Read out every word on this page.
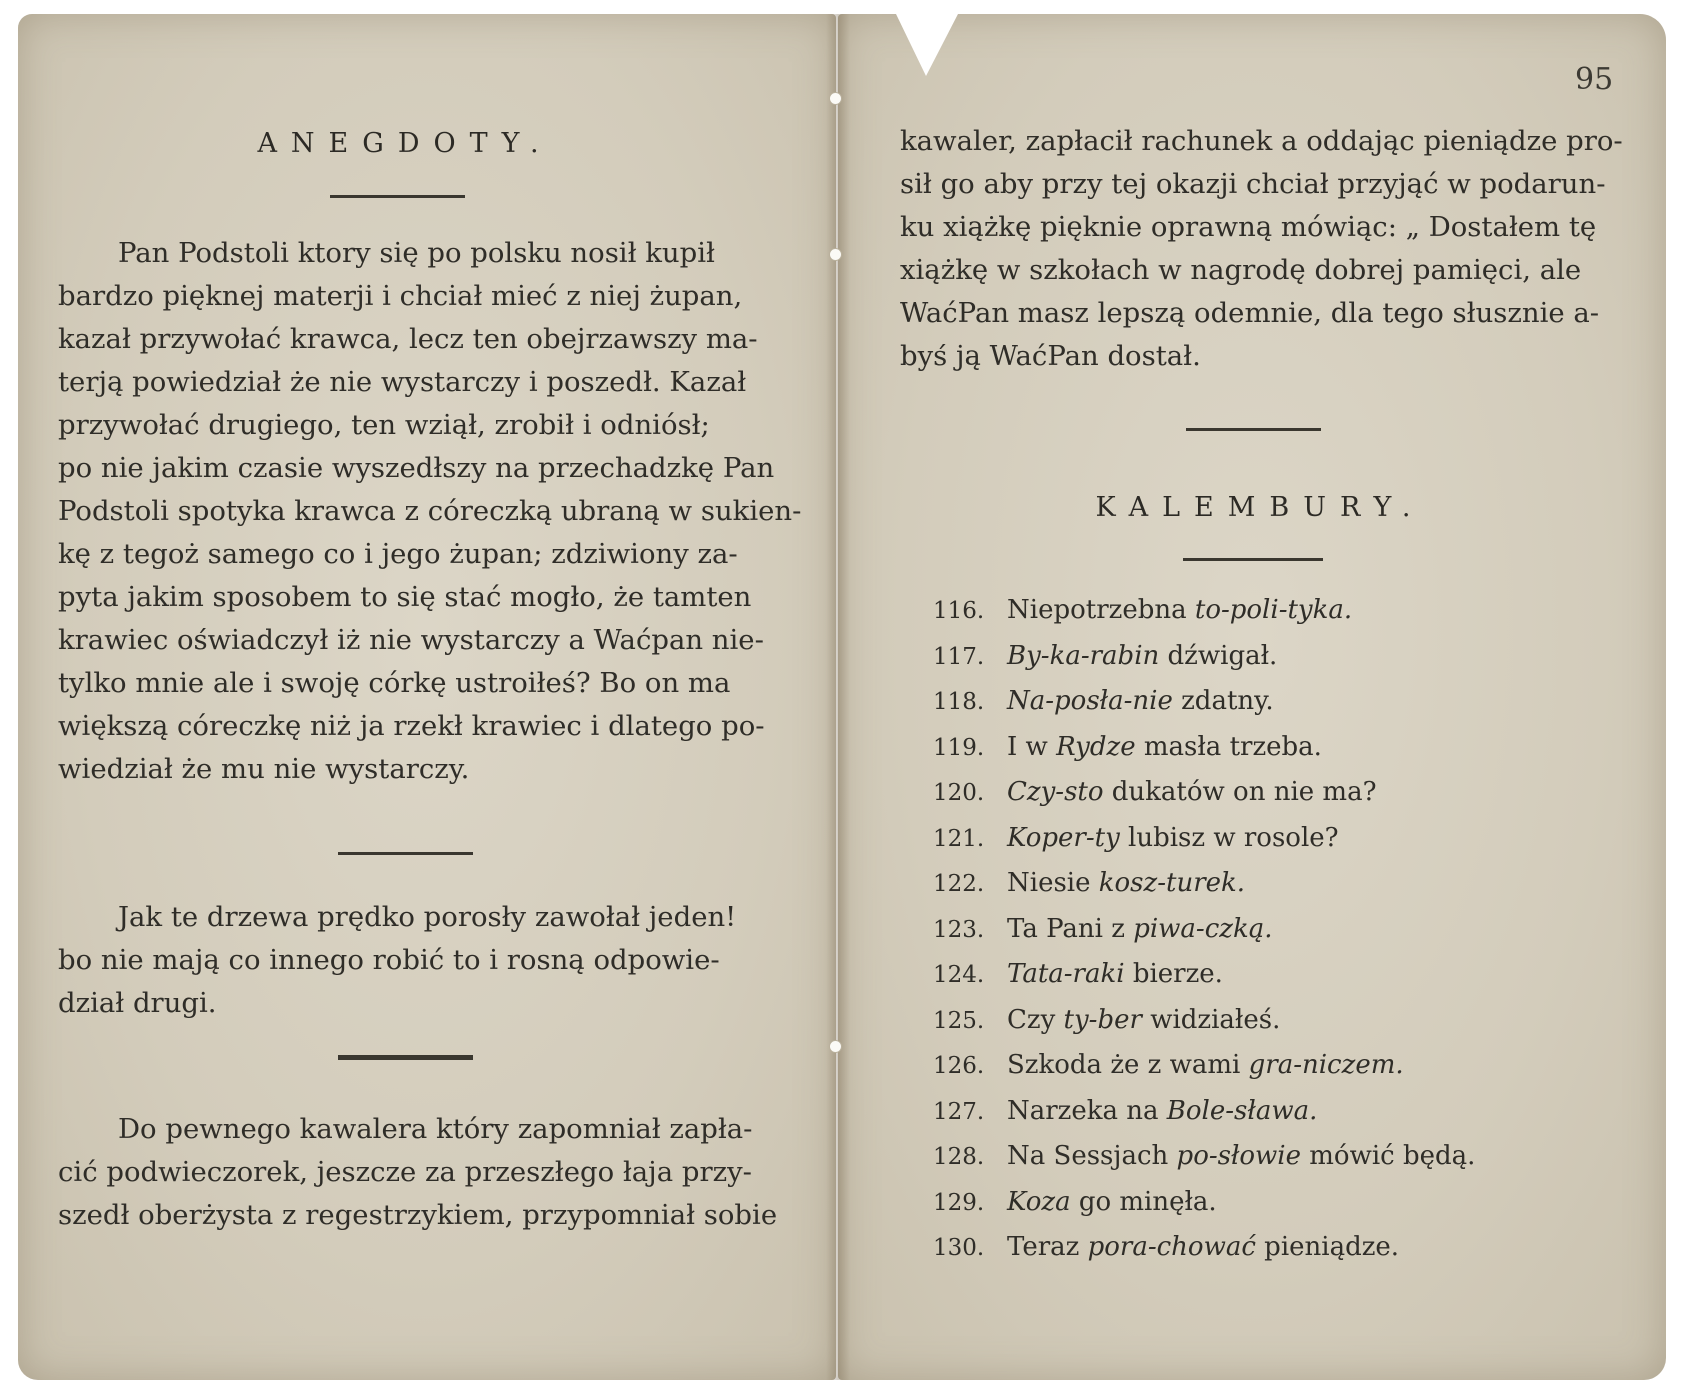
ANEGDOTY.
Pan Podstoli ktory się po polsku nosił kupił
bardzo pięknej materji i chciał mieć z niej żupan,
kazał przywołać krawca, lecz ten obejrzawszy ma-
terją powiedział że nie wystarczy i poszedł. Kazał
przywołać drugiego, ten wziął, zrobił i odniósł;
po nie jakim czasie wyszedłszy na przechadzkę Pan
Podstoli spotyka krawca z córeczką ubraną w sukien-
kę z tegoż samego co i jego żupan; zdziwiony za-
pyta jakim sposobem to się stać mogło, że tamten
krawiec oświadczył iż nie wystarczy a Waćpan nie-
tylko mnie ale i swoję córkę ustroiłeś? Bo on ma
większą córeczkę niż ja rzekł krawiec i dlatego po-
wiedział że mu nie wystarczy.
Jak te drzewa prędko porosły zawołał jeden!
bo nie mają co innego robić to i rosną odpowie-
dział drugi.
Do pewnego kawalera który zapomniał zapła-
cić podwieczorek, jeszcze za przeszłego łaja przy-
szedł oberżysta z regestrzykiem, przypomniał sobie
95
kawaler, zapłacił rachunek a oddając pieniądze pro-
sił go aby przy tej okazji chciał przyjąć w podarun-
ku xiążkę pięknie oprawną mówiąc: „ Dostałem tę
xiążkę w szkołach w nagrodę dobrej pamięci, ale
WaćPan masz lepszą odemnie, dla tego słusznie a-
byś ją WaćPan dostał.
KALEMBURY.
116. Niepotrzebna to-poli-tyka.
117. By-ka-rabin dźwigał.
118. Na-posła-nie zdatny.
119. I w Rydze masła trzeba.
120. Czy-sto dukatów on nie ma?
121. Koper-ty lubisz w rosole?
122. Niesie kosz-turek.
123. Ta Pani z piwa-czką.
124. Tata-raki bierze.
125. Czy ty-ber widziałeś.
126. Szkoda że z wami gra-niczem.
127. Narzeka na Bole-sława.
128. Na Sessjach po-słowie mówić będą.
129. Koza go minęła.
130. Teraz pora-chować pieniądze.
